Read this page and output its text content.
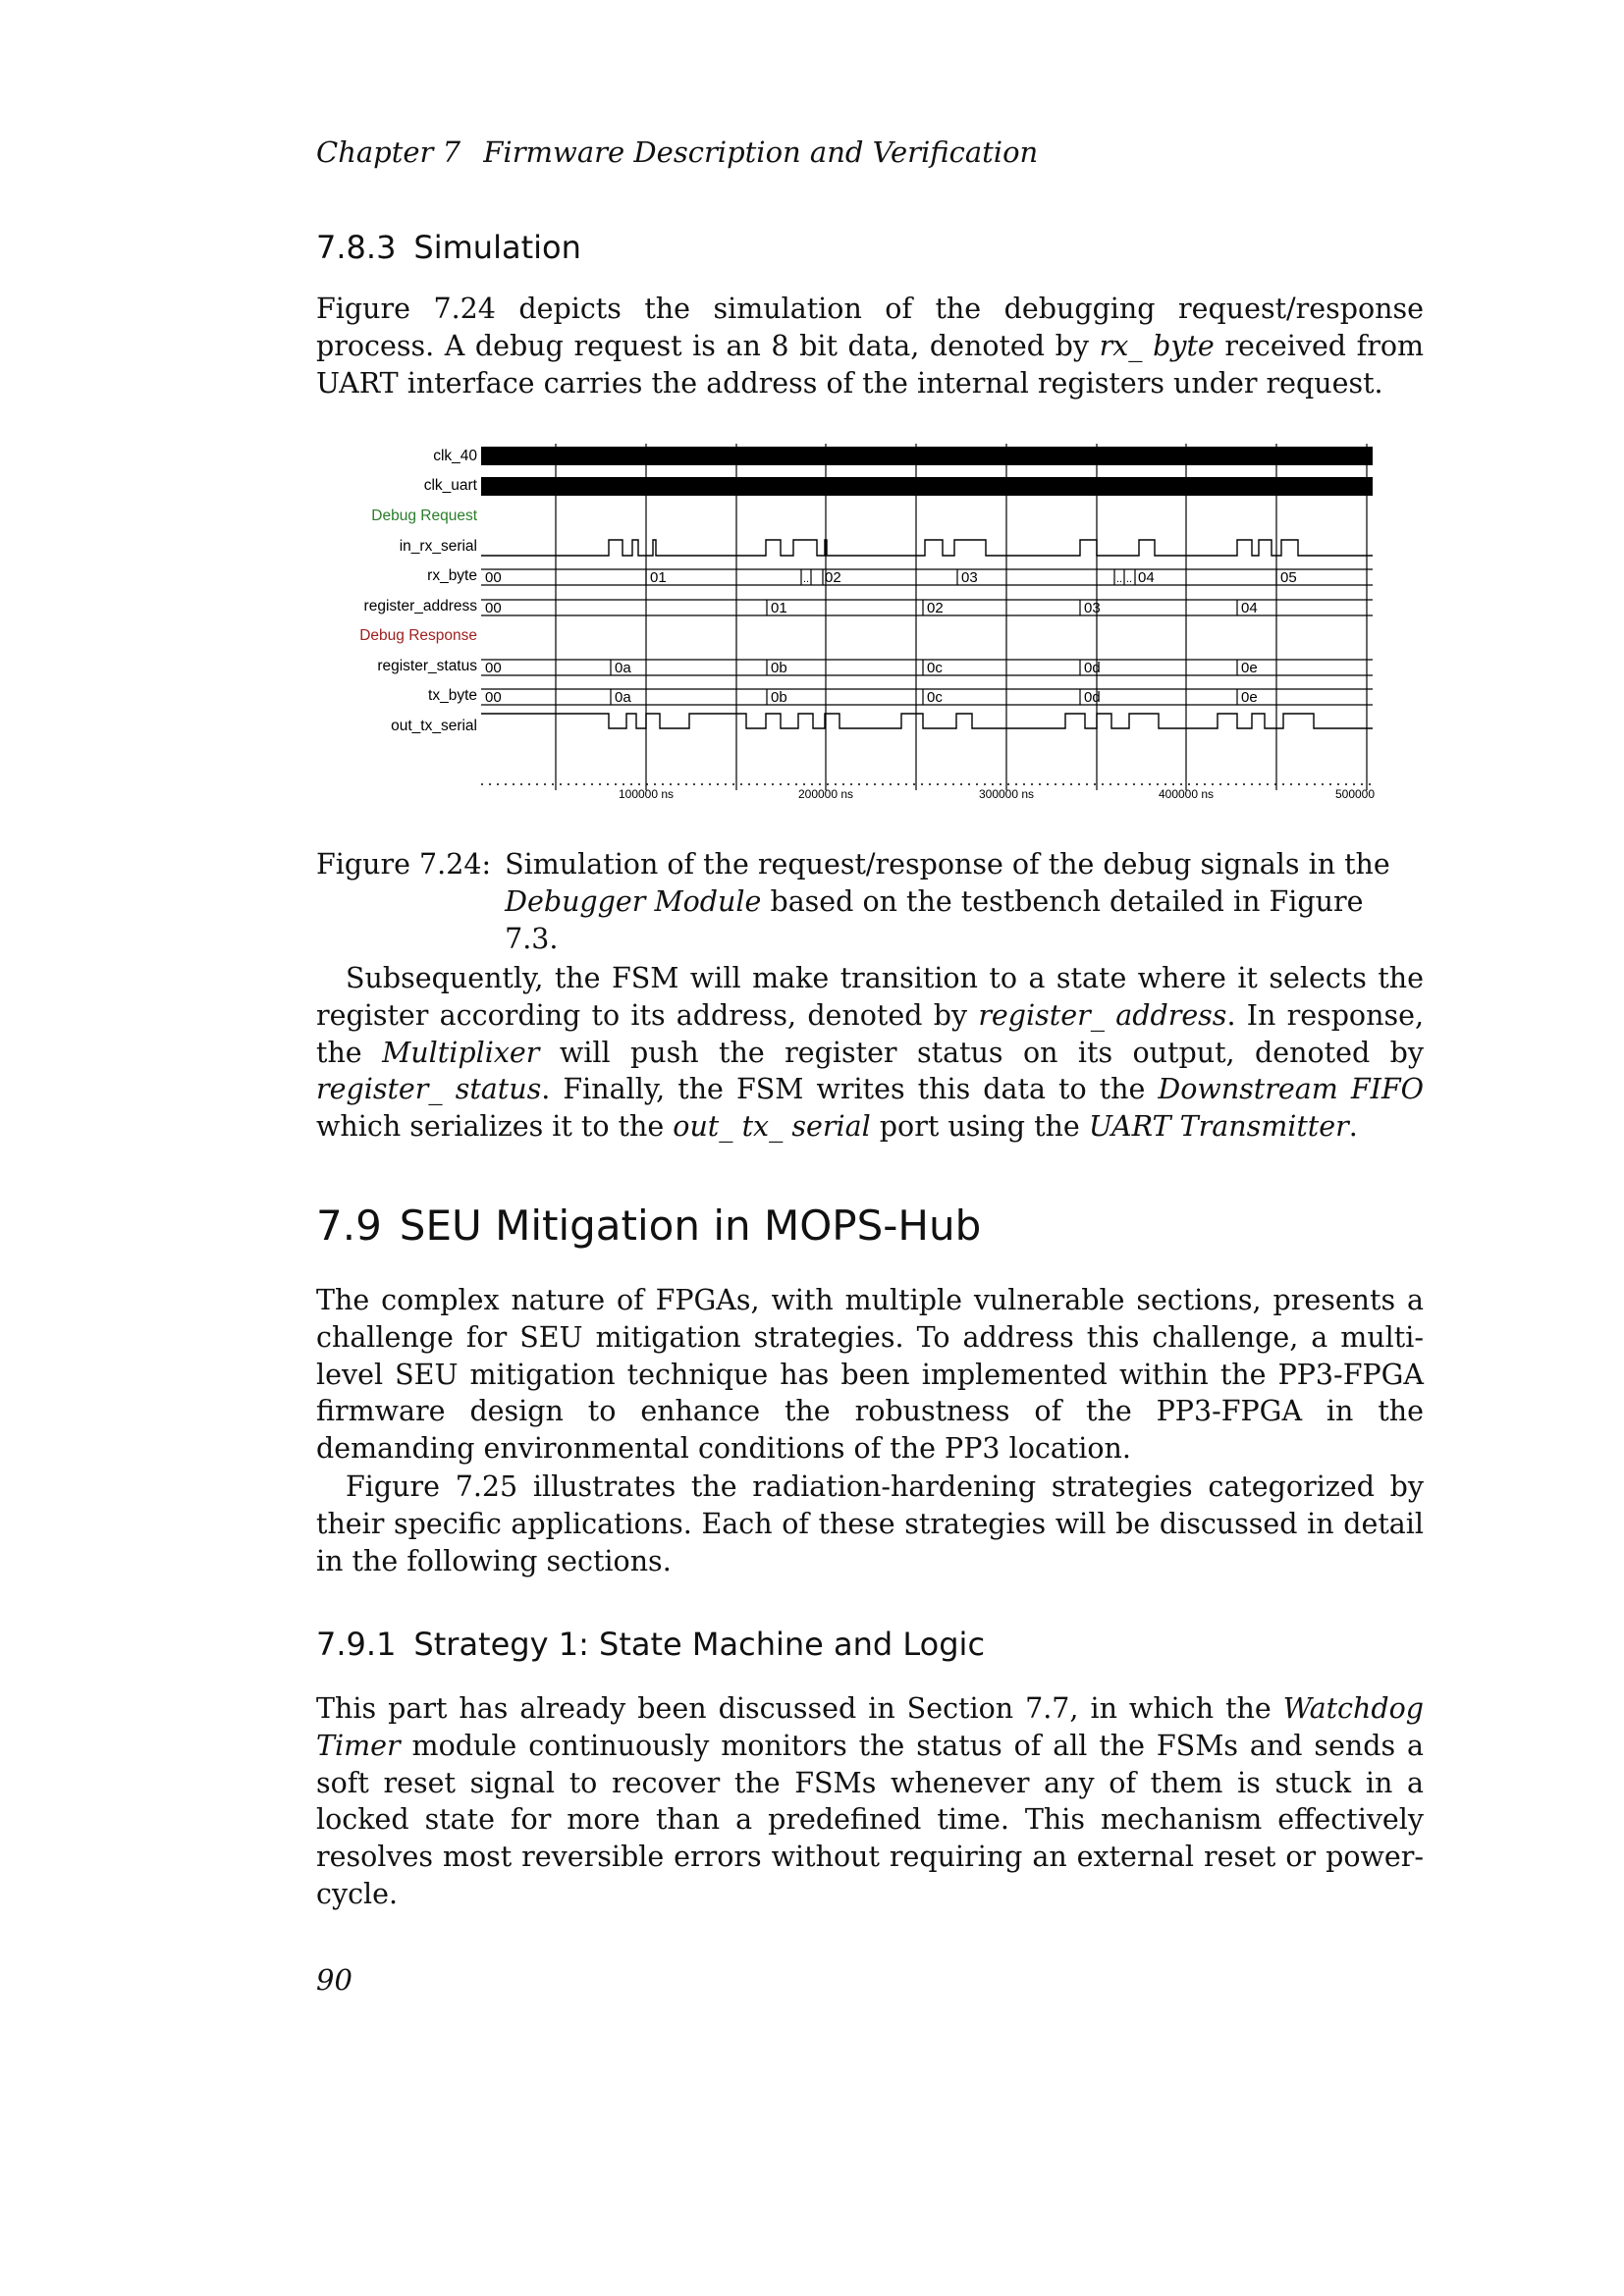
Chapter 7 Firmware Description and Verification
7.8.3 Simulation

Figure 7.24 depicts the simulation of the debugging request/response process. A debug request is an 8 bit data, denoted by rx_ byte received from UART interface carries the address of the internal registers under request.

clk_40
clk_uart
Debug Request
in_rx_serial
rx_byte
register_address
Debug Response
register_status
tx_byte
out_tx_serial
00	01	.. 02	03	.. .. 04	05
00	01	02	03	04
00	0a	0b	0c	0d	0e
00	0a	0b	0c	0d	0e
100000 ns	200000 ns	300000 ns	400000 ns	500000
Figure 7.24: Simulation of the request/response of the debug signals in the Debugger Module based on the testbench detailed in Figure 7.3.

Subsequently, the FSM will make transition to a state where it selects the register according to its address, denoted by register_ address. In response, the Multiplixer will push the register status on its output, denoted by register_ status. Finally, the FSM writes this data to the Downstream FIFO which serializes it to the out_ tx_ serial port using the UART Transmitter.

7.9 SEU Mitigation in MOPS-Hub

The complex nature of FPGAs, with multiple vulnerable sections, presents a challenge for SEU mitigation strategies. To address this challenge, a multi-level SEU mitigation technique has been implemented within the PP3-FPGA firmware design to enhance the robustness of the PP3-FPGA in the demanding environmental conditions of the PP3 location.

Figure 7.25 illustrates the radiation-hardening strategies categorized by their specific applications. Each of these strategies will be discussed in detail in the following sections.

7.9.1 Strategy 1: State Machine and Logic

This part has already been discussed in Section 7.7, in which the Watchdog Timer module continuously monitors the status of all the FSMs and sends a soft reset signal to recover the FSMs whenever any of them is stuck in a locked state for more than a predefined time. This mechanism effectively resolves most reversible errors without requiring an external reset or power-cycle.

90
